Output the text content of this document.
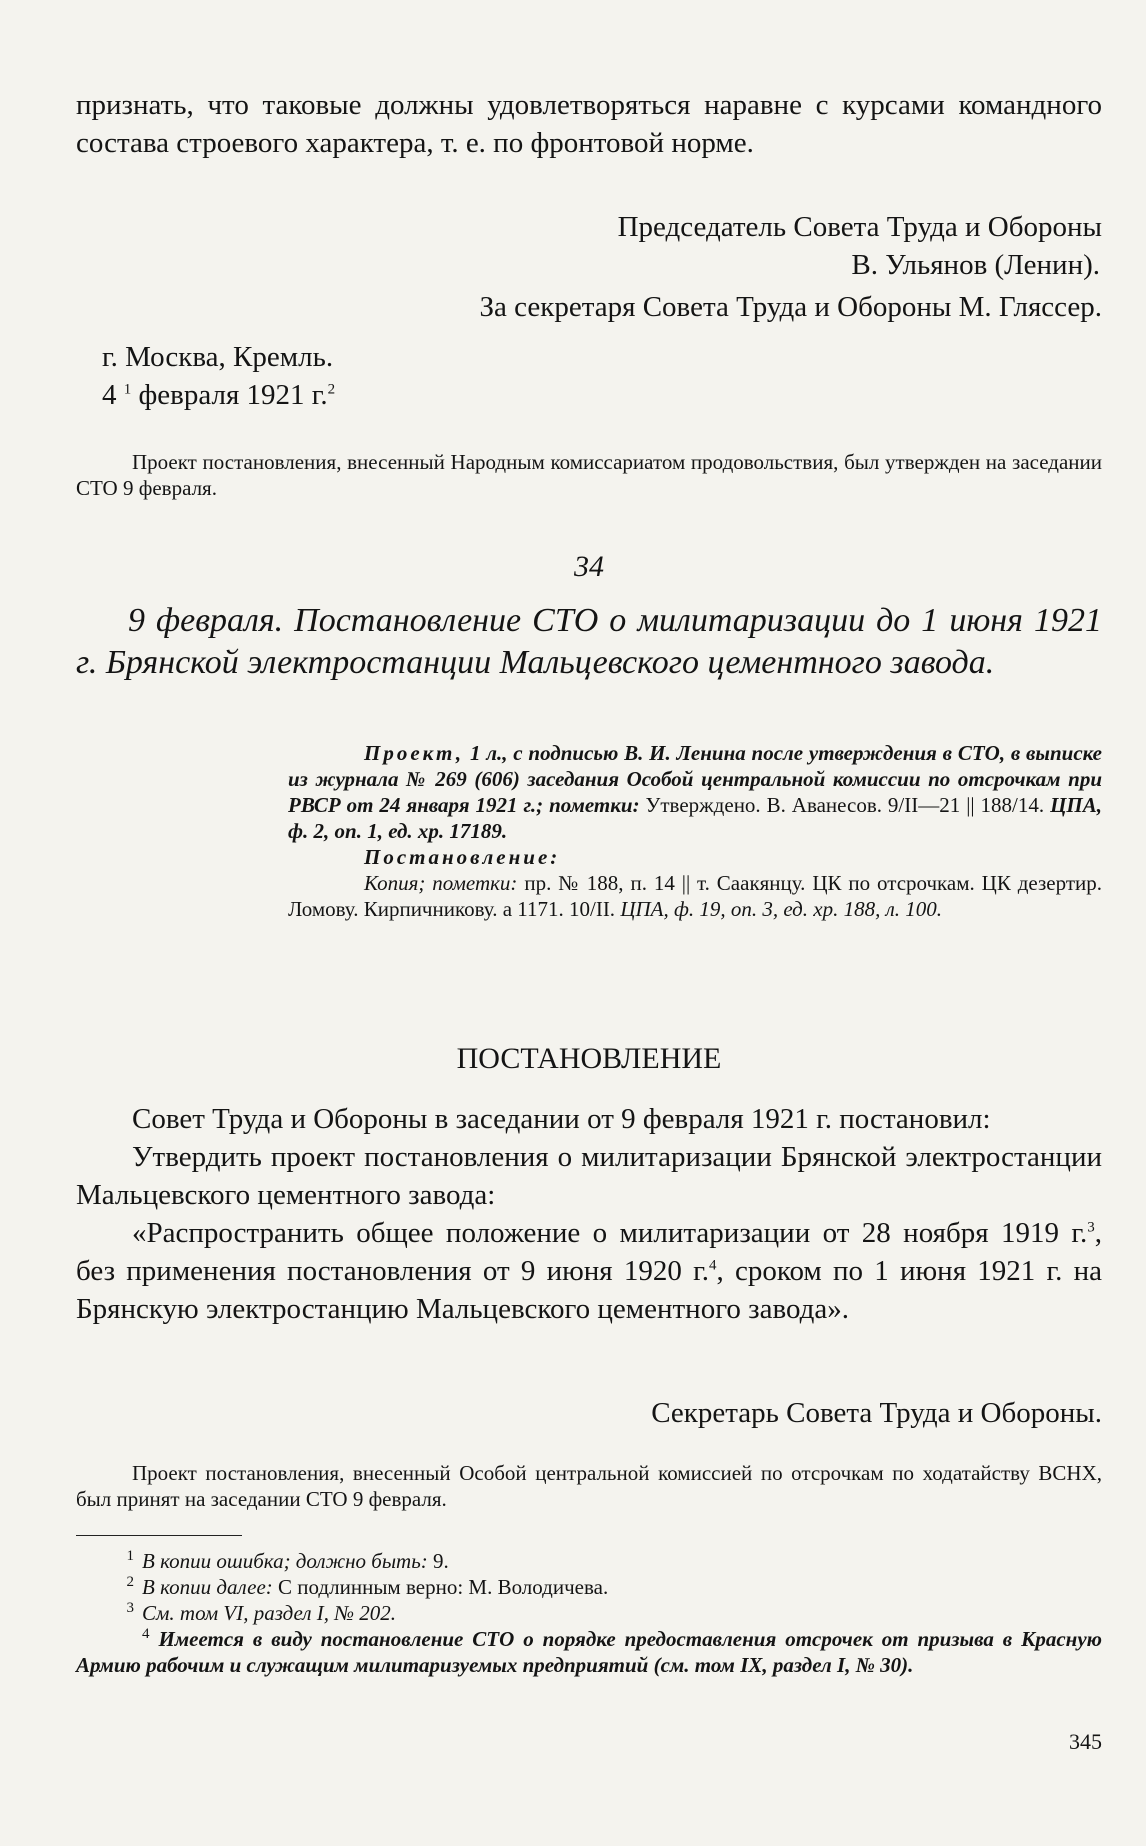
признать, что таковые должны удовлетворяться наравне с курсами командного состава строевого характера, т. е. по фронтовой норме.

Председатель Совета Труда и Обороны
В. Ульянов (Ленин).
За секретаря Совета Труда и Обороны М. Гляссер.
г. Москва, Кремль.
4 $^1$ февраля 1921 г.$^2$

Проект постановления, внесенный Народным комиссариатом продовольствия, был утвержден на заседании СТО 9 февраля.

34

9 февраля. Постановление СТО о милитаризации до 1 июня 1921 г. Брянской электростанции Мальцевского цементного завода.

Проект, 1 л., с подписью В. И. Ленина после утверждения в СТО, в выписке из журнала № 269 (606) заседания Особой центральной комиссии по отсрочкам при РВСР от 24 января 1921 г.; пометки: Утверждено. В. Аванесов. 9/II—21 || 188/14. ЦПА, ф. 2, оп. 1, ед. хр. 17189.

Постановление:

Копия; пометки: пр. № 188, п. 14 || т. Саакянцу. ЦК по отсрочкам. ЦК дезертир. Ломову. Кирпичникову. а 1171. 10/II. ЦПА, ф. 19, оп. 3, ед. хр. 188, л. 100.

ПОСТАНОВЛЕНИЕ

Совет Труда и Обороны в заседании от 9 февраля 1921 г. постановил:

Утвердить проект постановления о милитаризации Брянской электростанции Мальцевского цементного завода:

«Распространить общее положение о милитаризации от 28 ноября 1919 г.$^3$, без применения постановления от 9 июня 1920 г.$^4$, сроком по 1 июня 1921 г. на Брянскую электростанцию Мальцевского цементного завода».

Секретарь Совета Труда и Обороны.

Проект постановления, внесенный Особой центральной комиссией по отсрочкам по ходатайству ВСНХ, был принят на заседании СТО 9 февраля.

$^1$ В копии ошибка; должно быть: 9.
$^2$ В копии далее: С подлинным верно: М. Володичева.
$^3$ См. том VI, раздел I, № 202.
$^4$ Имеется в виду постановление СТО о порядке предоставления отсрочек от призыва в Красную Армию рабочим и служащим милитаризуемых предприятий (см. том IX, раздел I, № 30).
345
